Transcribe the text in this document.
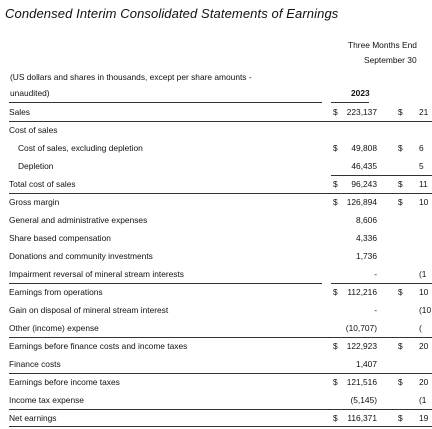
Condensed Interim Consolidated Statements of Earnings
Three Months End
September 30
(US dollars and shares in thousands, except per share amounts -
unaudited)	2023
Sales	$ 223,137	$ 21
Cost of sales
Cost of sales, excluding depletion	$ 49,808	$ 6
Depletion	46,435	5
Total cost of sales	$ 96,243	$ 11
Gross margin	$ 126,894	$ 10
General and administrative expenses	8,606
Share based compensation	4,336
Donations and community investments	1,736
Impairment reversal of mineral stream interests	-	(1
Earnings from operations	$ 112,216	$ 10
Gain on disposal of mineral stream interest	-	(10
Other (income) expense	(10,707)	(
Earnings before finance costs and income taxes	$ 122,923	$ 20
Finance costs	1,407
Earnings before income taxes	$ 121,516	$ 20
Income tax expense	(5,145)	(1
Net earnings	$ 116,371	$ 19
